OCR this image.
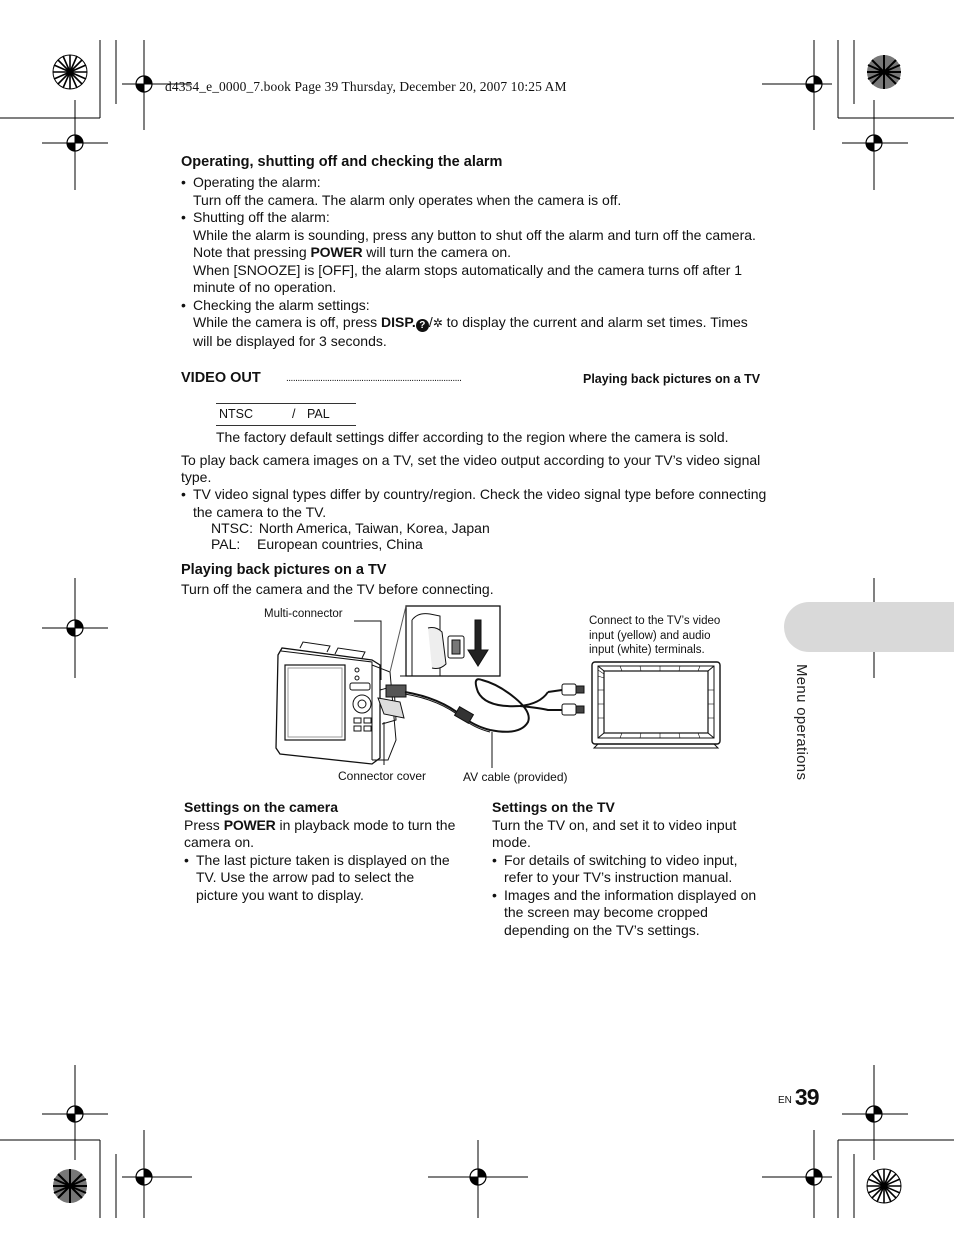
d4354_e_0000_7.book Page 39 Thursday, December 20, 2007 10:25 AM
Menu operations
Operating, shutting off and checking the alarm
• Operating the alarm:
Turn off the camera. The alarm only operates when the camera is off.
• Shutting off the alarm:
While the alarm is sounding, press any button to shut off the alarm and turn off the camera.
Note that pressing POWER will turn the camera on.
When [SNOOZE] is [OFF], the alarm stops automatically and the camera turns off after 1
minute of no operation.
• Checking the alarm settings:
While the camera is off, press DISP. ? /✲ to display the current and alarm set times. Times
will be displayed for 3 seconds.
VIDEO OUT	.............................................................................	Playing back pictures on a TV
NTSC	/ PAL
The factory default settings differ according to the region where the camera is sold.
To play back camera images on a TV, set the video output according to your TV’s video signal
type.
• TV video signal types differ by country/region. Check the video signal type before connecting
the camera to the TV.
NTSC: North America, Taiwan, Korea, Japan
PAL: European countries, China
Playing back pictures on a TV
Turn off the camera and the TV before connecting.
Multi-connector
Connect to the TV’s video
input (yellow) and audio
input (white) terminals.
Connector cover	AV cable (provided)
Settings on the camera
Press POWER in playback mode to turn the
camera on.
• The last picture taken is displayed on the
TV. Use the arrow pad to select the
picture you want to display.
Settings on the TV
Turn the TV on, and set it to video input
mode.
• For details of switching to video input,
refer to your TV’s instruction manual.
• Images and the information displayed on
the screen may become cropped
depending on the TV’s settings.
EN 39
